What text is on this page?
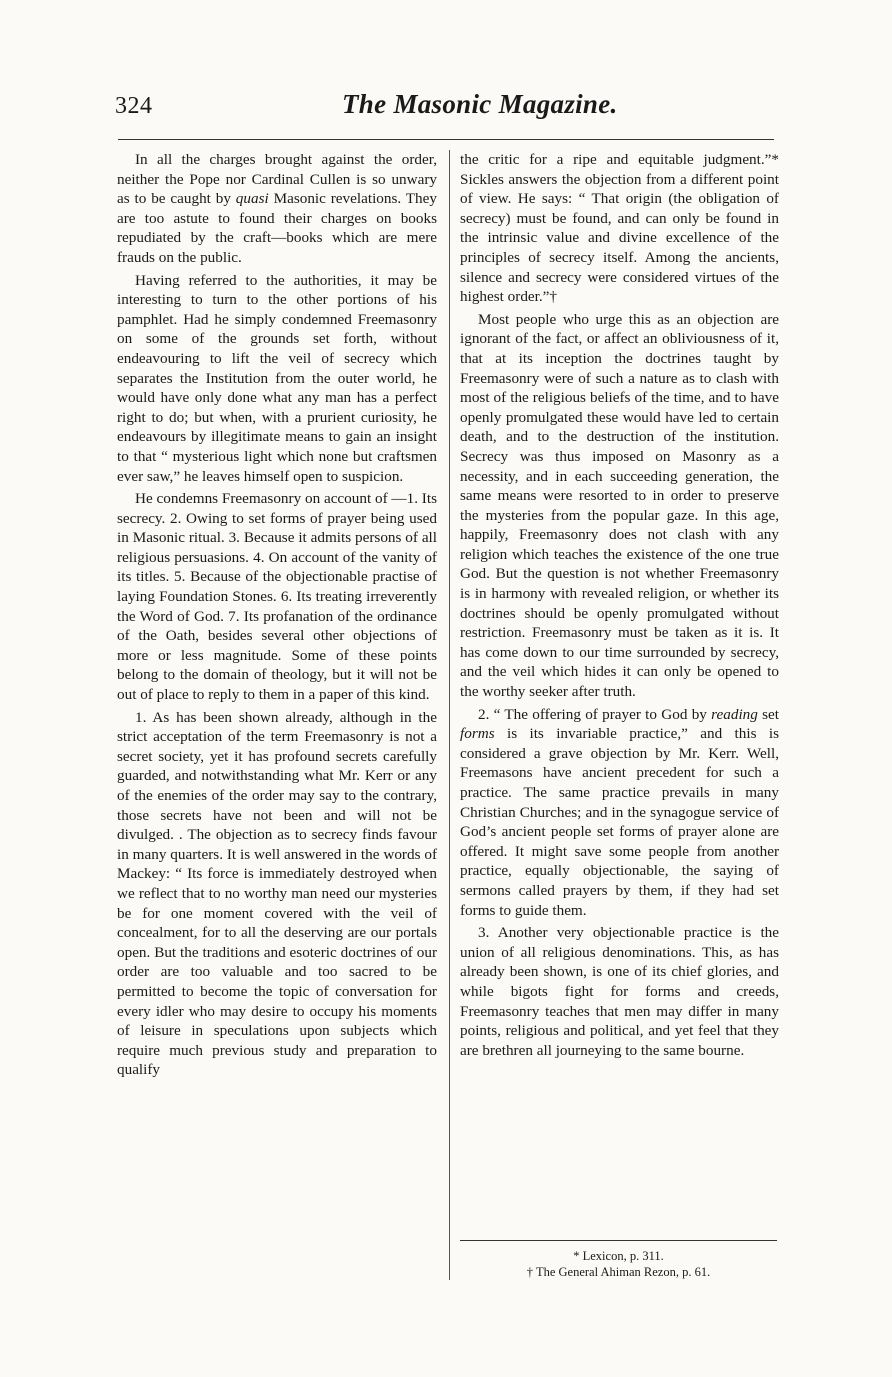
324	The Masonic Magazine.

In all the charges brought against the order, neither the Pope nor Cardinal Cullen is so unwary as to be caught by quasi Masonic revelations. They are too astute to found their charges on books repudiated by the craft—books which are mere frauds on the public.

Having referred to the authorities, it may be interesting to turn to the other portions of his pamphlet. Had he simply condemned Freemasonry on some of the grounds set forth, without endeavouring to lift the veil of secrecy which separates the Institution from the outer world, he would have only done what any man has a perfect right to do; but when, with a prurient curiosity, he endeavours by illegitimate means to gain an insight to that “ mysterious light which none but craftsmen ever saw,” he leaves himself open to suspicion.

He condemns Freemasonry on account of —1. Its secrecy. 2. Owing to set forms of prayer being used in Masonic ritual. 3. Because it admits persons of all religious persuasions. 4. On account of the vanity of its titles. 5. Because of the objectionable practise of laying Foundation Stones. 6. Its treating irreverently the Word of God. 7. Its profanation of the ordinance of the Oath, besides several other objections of more or less magnitude. Some of these points belong to the domain of theology, but it will not be out of place to reply to them in a paper of this kind.

1. As has been shown already, although in the strict acceptation of the term Freemasonry is not a secret society, yet it has profound secrets carefully guarded, and notwithstanding what Mr. Kerr or any of the enemies of the order may say to the contrary, those secrets have not been and will not be divulged. . The objection as to secrecy finds favour in many quarters. It is well answered in the words of Mackey: “ Its force is immediately destroyed when we reflect that to no worthy man need our mysteries be for one moment covered with the veil of concealment, for to all the deserving are our portals open. But the traditions and esoteric doctrines of our order are too valuable and too sacred to be permitted to become the topic of conversation for every idler who may desire to occupy his moments of leisure in speculations upon subjects which require much previous study and preparation to qualify

the critic for a ripe and equitable judgment.”* Sickles answers the objection from a different point of view. He says: “ That origin (the obligation of secrecy) must be found, and can only be found in the intrinsic value and divine excellence of the principles of secrecy itself. Among the ancients, silence and secrecy were considered virtues of the highest order.”†

Most people who urge this as an objection are ignorant of the fact, or affect an obliviousness of it, that at its inception the doctrines taught by Freemasonry were of such a nature as to clash with most of the religious beliefs of the time, and to have openly promulgated these would have led to certain death, and to the destruction of the institution. Secrecy was thus imposed on Masonry as a necessity, and in each succeeding generation, the same means were resorted to in order to preserve the mysteries from the popular gaze. In this age, happily, Freemasonry does not clash with any religion which teaches the existence of the one true God. But the question is not whether Freemasonry is in harmony with revealed religion, or whether its doctrines should be openly promulgated without restriction. Freemasonry must be taken as it is. It has come down to our time surrounded by secrecy, and the veil which hides it can only be opened to the worthy seeker after truth.

2. “ The offering of prayer to God by reading set forms is its invariable practice,” and this is considered a grave objection by Mr. Kerr. Well, Freemasons have ancient precedent for such a practice. The same practice prevails in many Christian Churches; and in the synagogue service of God’s ancient people set forms of prayer alone are offered. It might save some people from another practice, equally objectionable, the saying of sermons called prayers by them, if they had set forms to guide them.

3. Another very objectionable practice is the union of all religious denominations. This, as has already been shown, is one of its chief glories, and while bigots fight for forms and creeds, Freemasonry teaches that men may differ in many points, religious and political, and yet feel that they are brethren all journeying to the same bourne.

* Lexicon, p. 311.
† The General Ahiman Rezon, p. 61.
